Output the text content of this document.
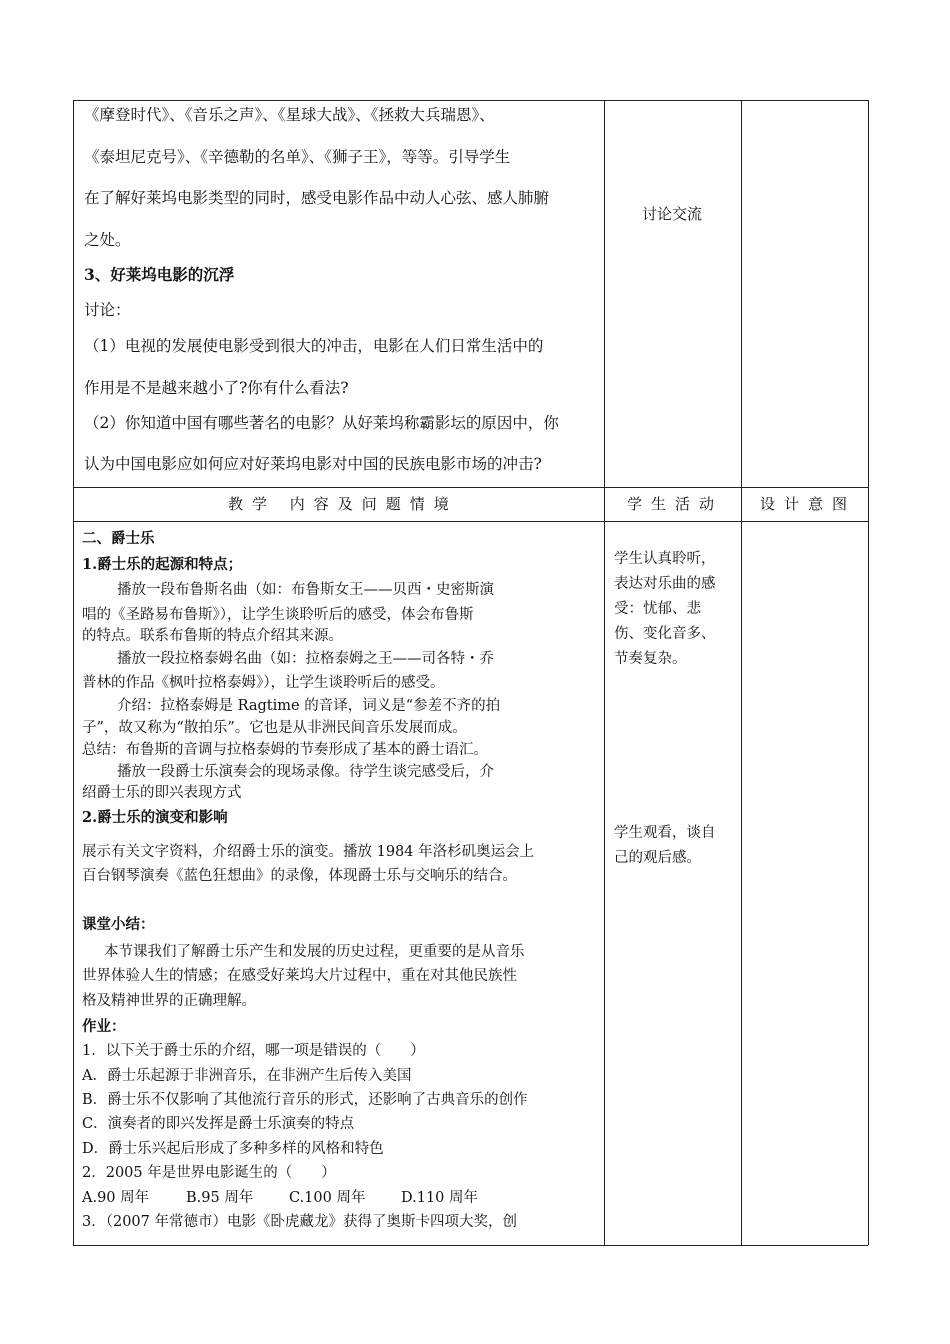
《摩登时代》、《音乐之声》、《星球大战》、《拯救大兵瑞恩》、
《泰坦尼克号》、《辛德勒的名单》、《狮子王》，等等。引导学生
在了解好莱坞电影类型的同时，感受电影作品中动人心弦、感人肺腑
之处。
3、好莱坞电影的沉浮
讨论：
（1）电视的发展使电影受到很大的冲击，电影在人们日常生活中的
作用是不是越来越小了?你有什么看法?
（2）你知道中国有哪些著名的电影？从好莱坞称霸影坛的原因中，你
认为中国电影应如何应对好莱坞电影对中国的民族电影市场的冲击?
讨论交流
教学 内容及问题情境	学生活动 设计意图
二、爵士乐
1.爵士乐的起源和特点；
播放一段布鲁斯名曲（如：布鲁斯女王——贝西・史密斯演
唱的《圣路易布鲁斯》），让学生谈聆听后的感受，体会布鲁斯
的特点。联系布鲁斯的特点介绍其来源。
播放一段拉格泰姆名曲（如：拉格泰姆之王——司各特・乔
普林的作品《枫叶拉格泰姆》），让学生谈聆听后的感受。
介绍：拉格泰姆是 Ragtime 的音译，词义是“参差不齐的拍
子”，故又称为“散拍乐”。它也是从非洲民间音乐发展而成。
总结：布鲁斯的音调与拉格泰姆的节奏形成了基本的爵士语汇。
播放一段爵士乐演奏会的现场录像。待学生谈完感受后，介
绍爵士乐的即兴表现方式
2.爵士乐的演变和影响
展示有关文字资料，介绍爵士乐的演变。播放 1984 年洛杉矶奥运会上
百台钢琴演奏《蓝色狂想曲》的录像，体现爵士乐与交响乐的结合。
课堂小结：
本节课我们了解爵士乐产生和发展的历史过程，更重要的是从音乐
世界体验人生的情感；在感受好莱坞大片过程中，重在对其他民族性
格及精神世界的正确理解。
作业：
1．以下关于爵士乐的介绍，哪一项是错误的（　　）
A．爵士乐起源于非洲音乐，在非洲产生后传入美国
B．爵士乐不仅影响了其他流行音乐的形式，还影响了古典音乐的创作
C．演奏者的即兴发挥是爵士乐演奏的特点
D．爵士乐兴起后形成了多种多样的风格和特色
2．2005 年是世界电影诞生的（　　）
A.90 周年	B.95 周年 C.100 周年 D.110 周年
3．（2007 年常德市）电影《卧虎藏龙》获得了奥斯卡四项大奖，创
学生认真聆听，
表达对乐曲的感
受：忧郁、悲
伤、变化音多、
节奏复杂。
学生观看，谈自
己的观后感。
